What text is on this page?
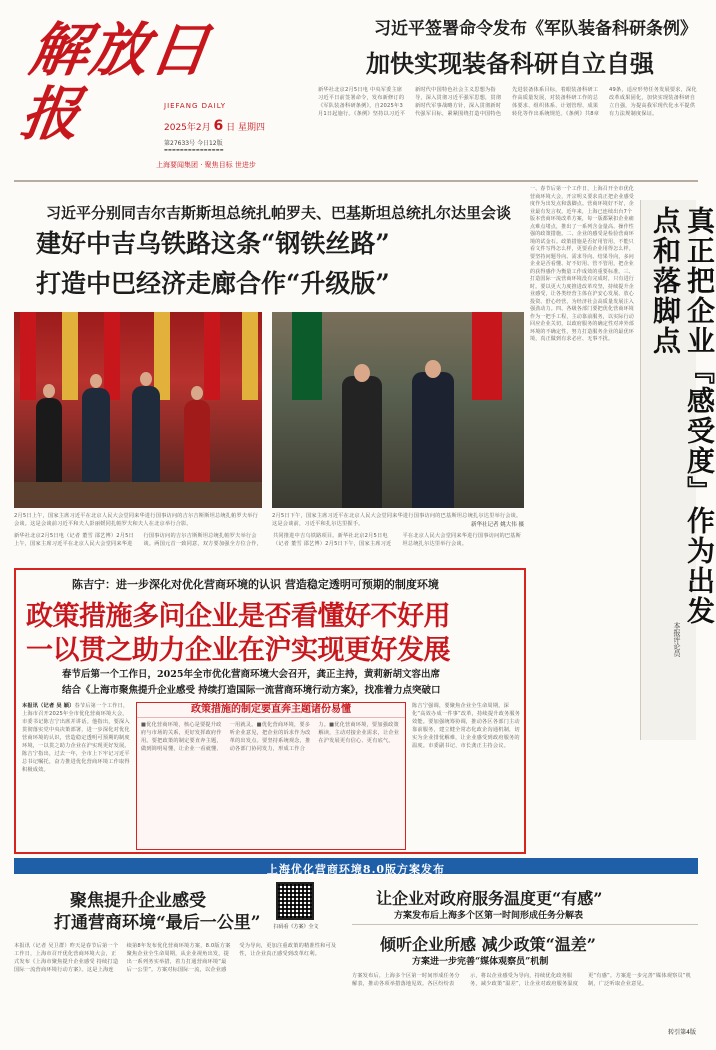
解放日报	JIEFANG DAILY
2025年2月 6 日 星期四
第27633号 今日12版
▬▬▬▬▬▬▬▬▬▬▬▬▬▬▬
上海要闻集团 · 聚焦目标 世进步
习近平签署命令发布《军队装备科研条例》
加快实现装备科研自立自强
新华社北京2月5日电 中央军委主席习近平日前签署命令，发布新修订的《军队装备科研条例》，自2025年3月1日起施行。《条例》坚持以习近平新时代中国特色社会主义思想为指导，深入贯彻习近平强军思想，贯彻新时代军事战略方针，深入贯彻新时代强军目标，紧紧围绕打造中国特色先进装备体系目标，着眼装备科研工作高质量发展，对装备科研工作的总体要求、组织体系、计划管理、成果转化等作出系统规范。《条例》共8章49条，适应形势任务发展要求，深化改革成果固化，加快实现装备科研自立自强，为提高我军现代化水平提供有力法规制度保证。
习近平分别同吉尔吉斯斯坦总统扎帕罗夫、巴基斯坦总统扎尔达里会谈
建好中吉乌铁路这条“钢铁丝路”
打造中巴经济走廊合作“升级版”
2月5日上午，国家主席习近平在北京人民大会堂同来华进行国事访问的吉尔吉斯斯坦总统扎帕罗夫举行会谈。这是会谈前习近平和夫人彭丽媛同扎帕罗夫和夫人在北京举行合影。
2月5日下午，国家主席习近平在北京人民大会堂同来华进行国事访问的巴基斯坦总统扎尔达里举行会谈。这是会谈前，习近平和扎尔达里握手。	新华社记者 姚大伟 摄
新华社北京2月5日电（记者 董雪 邵艺博）2月5日上午，国家主席习近平在北京人民大会堂同来华进行国事访问的吉尔吉斯斯坦总统扎帕罗夫举行会谈。两国元首一致同意，双方要加强全方位合作，共同推进中吉乌铁路项目。新华社北京2月5日电（记者 董雪 邵艺博）2月5日下午，国家主席习近平在北京人民大会堂同来华进行国事访问的巴基斯坦总统扎尔达里举行会谈。
一、春节后第一个工作日，上海召开全市优化营商环境大会，开宗明义要求真正把企业感受度作为出发点和落脚点。营商环境好不好，企业最有发言权。近年来，上海已连续出台7个版本营商环境改革方案，每一版都紧扣企业痛点难点堵点，推出了一系列含金量高、操作性强的政策措施。二、企业的感受是检验营商环境的试金石。政策措施是否好用管用，不能只看文件写得怎么样，更要看企业用得怎么样。要坚持问题导向、需求导向、结果导向，多问企业是否看懂、好不好用、管不管用，把企业的获得感作为衡量工作成效的重要标准。三、打造国际一流营商环境没有完成时，只有进行时。要以更大力度推进改革攻坚，持续提升企业感受，让各类经营主体在沪安心发展、放心投资、舒心经营，为经济社会高质量发展注入强劲动力。四、各级各部门要把优化营商环境作为一把手工程，主动靠前服务，以实际行动回应企业关切，以政府服务的确定性对冲外部环境的不确定性，努力打造服务企业的最优环境，真正做到有求必应、无事不扰。	真正把企业『感受度』作为出发点和落脚点
本报评论员
陈吉宁：进一步深化对优化营商环境的认识 营造稳定透明可预期的制度环境
政策措施多问企业是否看懂好不好用
一以贯之助力企业在沪实现更好发展
春节后第一个工作日，2025年全市优化营商环境大会召开，龚正主持，黄莉新胡文容出席
结合《上海市聚焦提升企业感受 持续打造国际一流营商环境行动方案》，找准着力点突破口
本报讯（记者 吴 颖）春节后第一个工作日，上海市召开2025年全市优化营商环境大会，市委书记陈吉宁出席并讲话。他指出，要深入贯彻落实党中央决策部署，进一步深化对优化营商环境的认识，营造稳定透明可预期的制度环境，一以贯之助力企业在沪实现更好发展。陈吉宁指出，过去一年，全市上下牢记习近平总书记嘱托，奋力推进优化营商环境工作取得积极成效。
政策措施的制定要直奔主题诸份易懂
■优化营商环境，核心是要提升政府与市场的关系，更好发挥政府作用。要把政策的制定要直奔主题，做到简明易懂，让企业一看就懂、一用就灵。■优化营商环境，要多听企业意见，把企业的诉求作为改革的出发点。要坚持系统观念，推动各部门协同发力，形成工作合力。■优化营商环境，要加强政策解读，主动对接企业需求，让企业在沪发展更有信心、更有底气。
陈吉宁强调，要聚焦企业全生命周期，深化“高效办成一件事”改革，持续提升政务服务效能。要加强统筹协调，推动各区各部门主动靠前服务，建立健全常态化政企沟通机制，切实为企业排忧解难，让企业感受到政府服务的温度。市委副书记、市长龚正主持会议。
上海优化营商环境8.0版方案发布
聚焦提升企业感受
打通营商环境“最后一公里”	扫码看《方案》全文
本报讯（记者 吴卫群）昨天是春节后第一个工作日，上海市召开优化营商环境大会，正式发布《上海市聚焦提升企业感受 持续打造国际一流营商环境行动方案》。这是上海连续第8年发布优化营商环境方案，8.0版方案聚焦企业全生命周期，从企业视角出发，提出一系列务实举措，着力打通营商环境“最后一公里”。方案对标国际一流，以企业感受为导向，更加注重政策的精准性和可及性，让企业真正感受到改革红利。
让企业对政府服务温度更“有感”
方案发布后上海多个区第一时间形成任务分解表
倾听企业所感 减少政策“温差”
方案进一步完善“媒体观察员”机制
方案发布后，上海多个区第一时间形成任务分解表，推动各项举措落地见效。各区纷纷表示，将以企业感受为导向，持续优化政务服务，减少政策“温差”，让企业对政府服务温度更“有感”。方案进一步完善“媒体观察员”机制，广泛听取企业意见。
转引第4版
